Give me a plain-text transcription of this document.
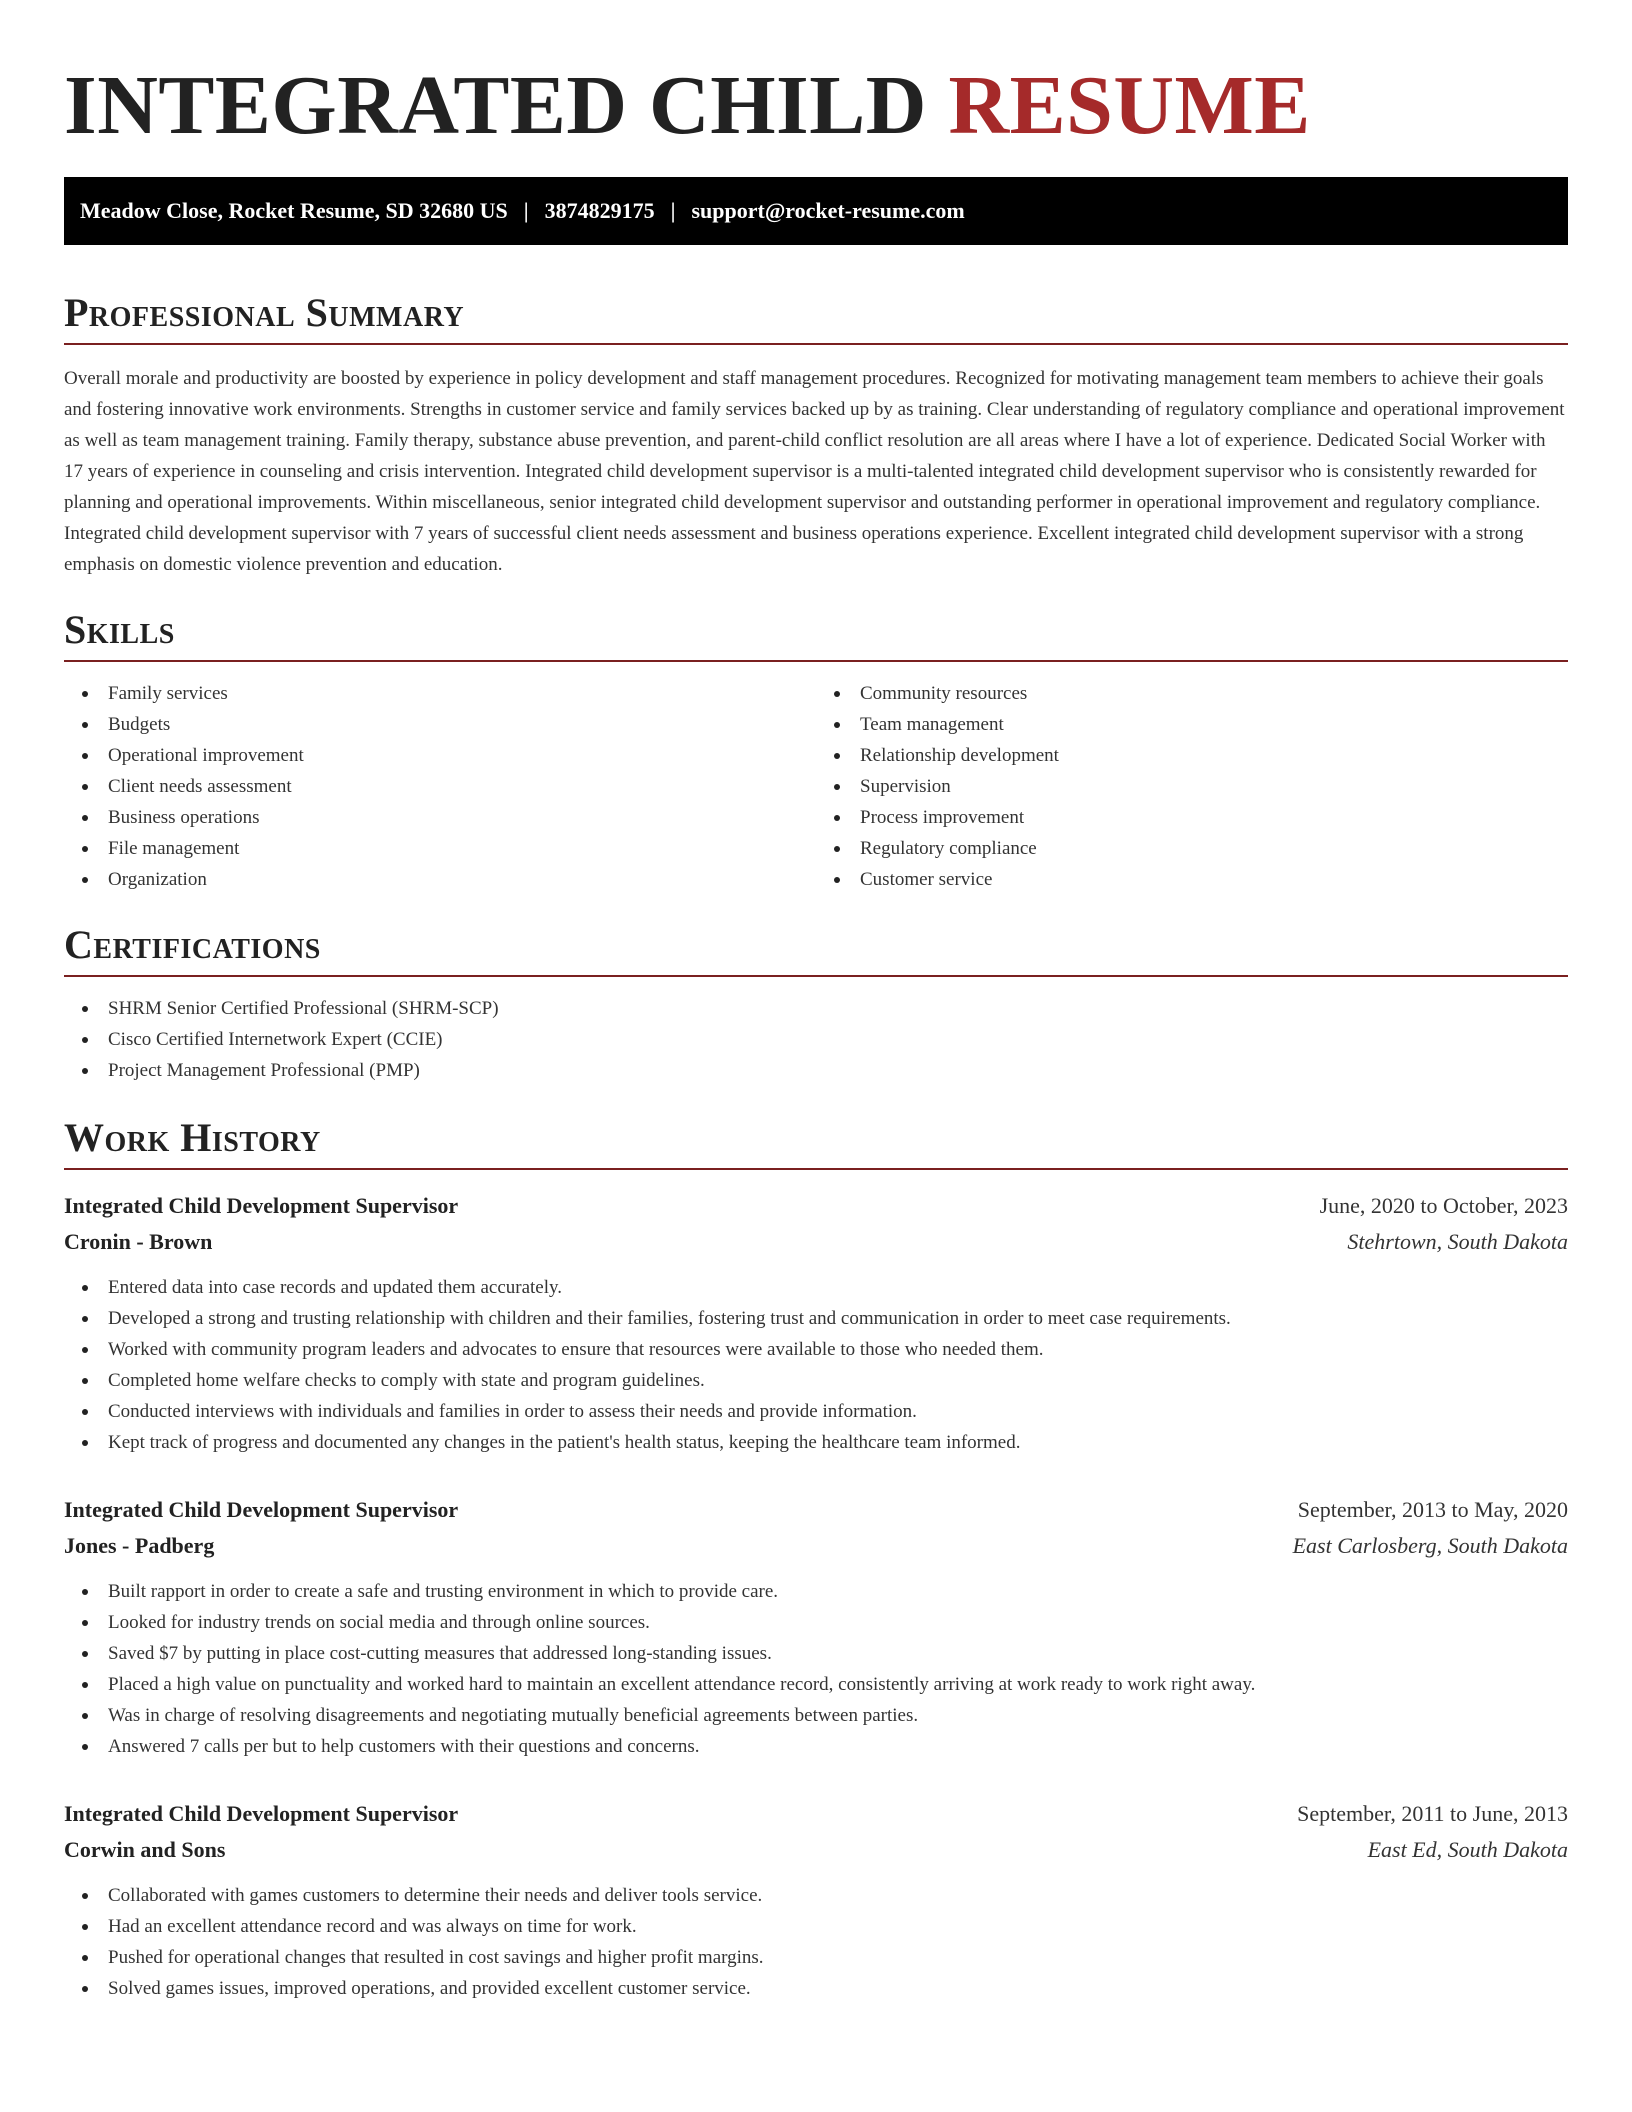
INTEGRATED CHILD RESUME
Meadow Close, Rocket Resume, SD 32680 US | 3874829175 | support@rocket-resume.com
Professional Summary

Overall morale and productivity are boosted by experience in policy development and staff management procedures. Recognized for motivating management team members to achieve their goals and fostering innovative work environments. Strengths in customer service and family services backed up by as training. Clear understanding of regulatory compliance and operational improvement as well as team management training. Family therapy, substance abuse prevention, and parent-child conflict resolution are all areas where I have a lot of experience. Dedicated Social Worker with 17 years of experience in counseling and crisis intervention. Integrated child development supervisor is a multi-talented integrated child development supervisor who is consistently rewarded for planning and operational improvements. Within miscellaneous, senior integrated child development supervisor and outstanding performer in operational improvement and regulatory compliance. Integrated child development supervisor with 7 years of successful client needs assessment and business operations experience. Excellent integrated child development supervisor with a strong emphasis on domestic violence prevention and education.

Skills
Family services
Budgets
Operational improvement
Client needs assessment
Business operations
File management
Organization
Community resources
Team management
Relationship development
Supervision
Process improvement
Regulatory compliance
Customer service
Certifications
SHRM Senior Certified Professional (SHRM-SCP)
Cisco Certified Internetwork Expert (CCIE)
Project Management Professional (PMP)
Work History
Integrated Child Development Supervisor	June, 2020 to October, 2023
Cronin - Brown	Stehrtown, South Dakota
Entered data into case records and updated them accurately.
Developed a strong and trusting relationship with children and their families, fostering trust and communication in order to meet case requirements.
Worked with community program leaders and advocates to ensure that resources were available to those who needed them.
Completed home welfare checks to comply with state and program guidelines.
Conducted interviews with individuals and families in order to assess their needs and provide information.
Kept track of progress and documented any changes in the patient's health status, keeping the healthcare team informed.
Integrated Child Development Supervisor	September, 2013 to May, 2020
Jones - Padberg	East Carlosberg, South Dakota
Built rapport in order to create a safe and trusting environment in which to provide care.
Looked for industry trends on social media and through online sources.
Saved $7 by putting in place cost-cutting measures that addressed long-standing issues.
Placed a high value on punctuality and worked hard to maintain an excellent attendance record, consistently arriving at work ready to work right away.
Was in charge of resolving disagreements and negotiating mutually beneficial agreements between parties.
Answered 7 calls per but to help customers with their questions and concerns.
Integrated Child Development Supervisor	September, 2011 to June, 2013
Corwin and Sons	East Ed, South Dakota
Collaborated with games customers to determine their needs and deliver tools service.
Had an excellent attendance record and was always on time for work.
Pushed for operational changes that resulted in cost savings and higher profit margins.
Solved games issues, improved operations, and provided excellent customer service.
